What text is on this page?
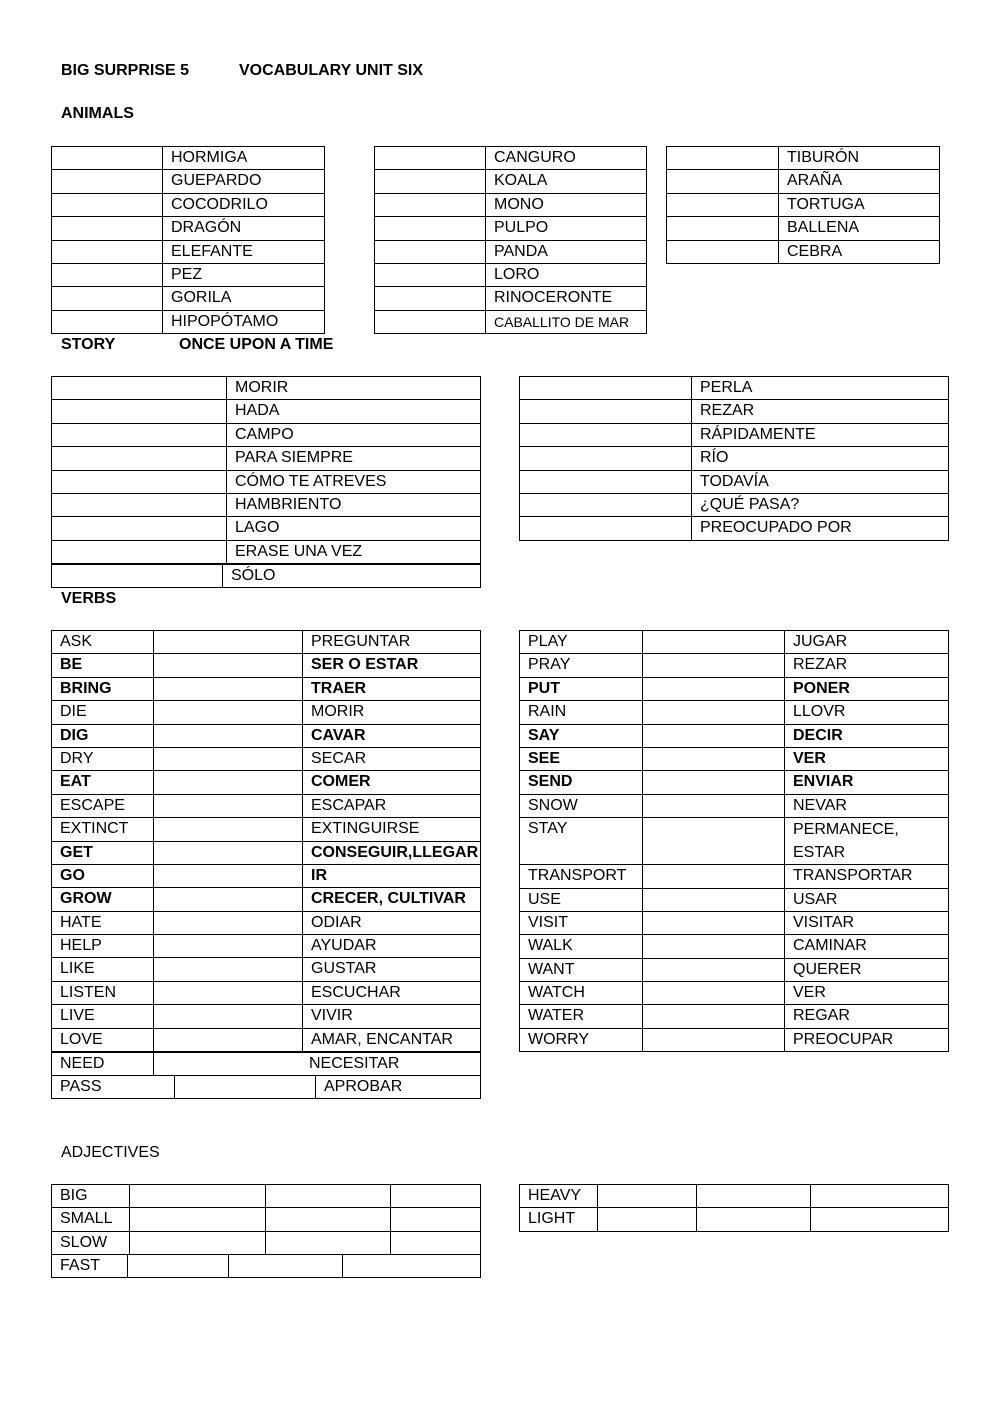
BIG SURPRISE 5	VOCABULARY UNIT SIX
ANIMALS
	HORMIGA
	GUEPARDO
	COCODRILO
	DRAGÓN
	ELEFANTE
	PEZ
	GORILA
	HIPOPÓTAMO
	CANGURO
	KOALA
	MONO
	PULPO
	PANDA
	LORO
	RINOCERONTE
	CABALLITO DE MAR
	TIBURÓN
	ARAÑA
	TORTUGA
	BALLENA
	CEBRA
STORY	ONCE UPON A TIME
	MORIR
	HADA
	CAMPO
	PARA SIEMPRE
	CÓMO TE ATREVES
	HAMBRIENTO
	LAGO
	ERASE UNA VEZ
	SÓLO
	PERLA
	REZAR
	RÁPIDAMENTE
	RÍO
	TODAVÍA
	¿QUÉ PASA?
	PREOCUPADO POR
VERBS
ASK		PREGUNTAR
BE		SER O ESTAR
BRING		TRAER
DIE		MORIR
DIG		CAVAR
DRY		SECAR
EAT		COMER
ESCAPE		ESCAPAR
EXTINCT		EXTINGUIRSE
GET		CONSEGUIR,LLEGAR
GO		IR
GROW		CRECER, CULTIVAR
HATE		ODIAR
HELP		AYUDAR
LIKE		GUSTAR
LISTEN		ESCUCHAR
LIVE		VIVIR
LOVE		AMAR, ENCANTAR
NEED	NECESITAR
PASS		APROBAR
PLAY		JUGAR
PRAY		REZAR
PUT		PONER
RAIN		LLOVR
SAY		DECIR
SEE		VER
SEND		ENVIAR
SNOW		NEVAR
STAY		PERMANECE, ESTAR
TRANSPORT		TRANSPORTAR
USE		USAR
VISIT		VISITAR
WALK		CAMINAR
WANT		QUERER
WATCH		VER
WATER		REGAR
WORRY		PREOCUPAR
ADJECTIVES
BIG			
SMALL			
SLOW			
FAST			
HEAVY			
LIGHT			
